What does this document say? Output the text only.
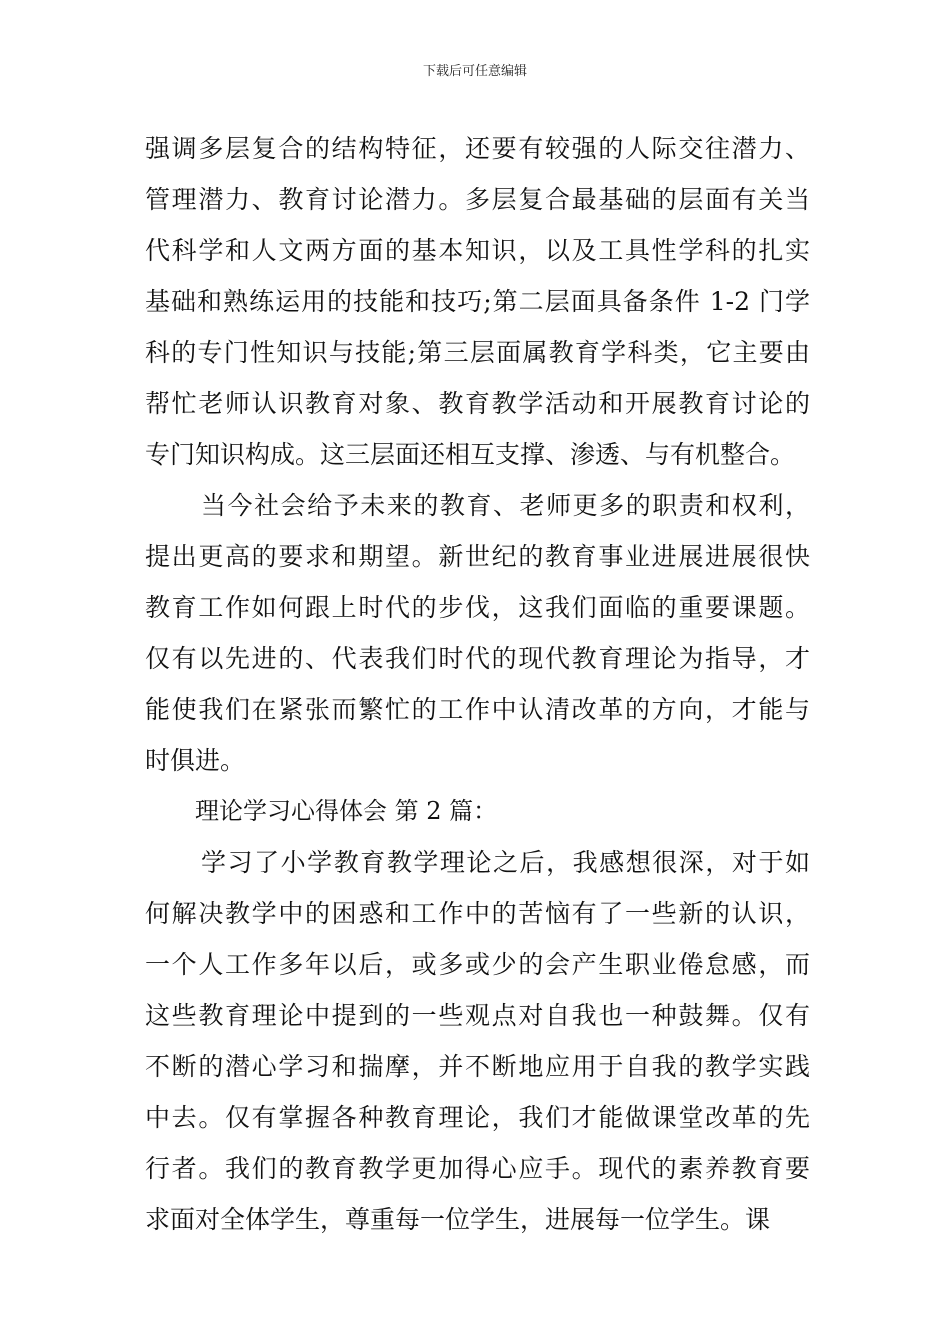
下载后可任意编辑
强调多层复合的结构特征，还要有较强的人际交往潜力、
管理潜力、教育讨论潜力。多层复合最基础的层面有关当
代科学和人文两方面的基本知识，以及工具性学科的扎实
基础和熟练运用的技能和技巧;第二层面具备条件 1-2 门学
科的专门性知识与技能;第三层面属教育学科类，它主要由
帮忙老师认识教育对象、教育教学活动和开展教育讨论的
专门知识构成。这三层面还相互支撑、渗透、与有机整合。
当今社会给予未来的教育、老师更多的职责和权利，
提出更高的要求和期望。新世纪的教育事业进展进展很快
教育工作如何跟上时代的步伐，这我们面临的重要课题。
仅有以先进的、代表我们时代的现代教育理论为指导，才
能使我们在紧张而繁忙的工作中认清改革的方向，才能与
时俱进。
理论学习心得体会 第 2 篇：
学习了小学教育教学理论之后，我感想很深，对于如
何解决教学中的困惑和工作中的苦恼有了一些新的认识，
一个人工作多年以后，或多或少的会产生职业倦怠感，而
这些教育理论中提到的一些观点对自我也一种鼓舞。仅有
不断的潜心学习和揣摩，并不断地应用于自我的教学实践
中去。仅有掌握各种教育理论，我们才能做课堂改革的先
行者。我们的教育教学更加得心应手。现代的素养教育要
求面对全体学生，尊重每一位学生，进展每一位学生。课
